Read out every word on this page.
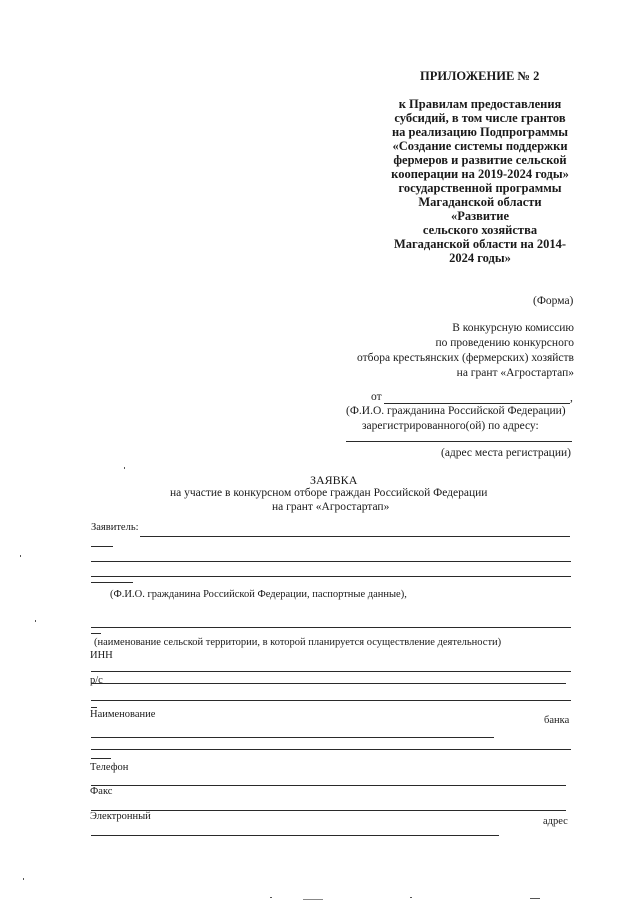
ПРИЛОЖЕНИЕ № 2
к Правилам предоставления
субсидий, в том числе грантов
на реализацию Подпрограммы
«Создание системы поддержки
фермеров и развитие сельской
кооперации на 2019-2024 годы»
государственной программы
Магаданской области
«Развитие
сельского хозяйства
Магаданской области на 2014-
2024 годы»
(Форма)
В конкурсную комиссию
по проведению конкурсного
отбора крестьянских (фермерских) хозяйств
на грант «Агростартап»
от	,
(Ф.И.О. гражданина Российской Федерации)
зарегистрированного(ой) по адресу:
(адрес места регистрации)
ЗАЯВКА
на участие в конкурсном отборе граждан Российской Федерации
на грант «Агростартап»
Заявитель:
(Ф.И.О. гражданина Российской Федерации, паспортные данные),
(наименование сельской территории, в которой планируется осуществление деятельности)
ИНН
р/с
Наименование
банка
Телефон
Факс
Электронный	адрес
